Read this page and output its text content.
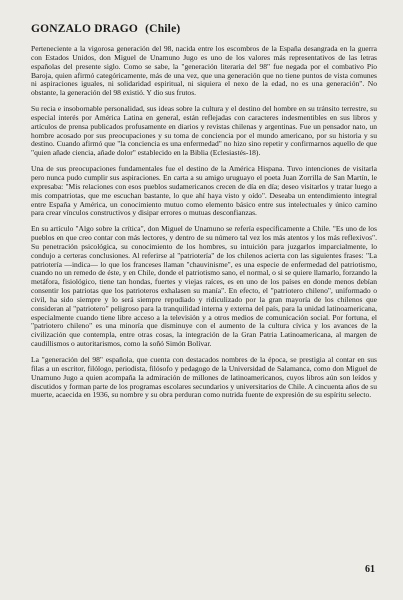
GONZALO DRAGO (Chile)

Perteneciente a la vigorosa generación del 98, nacida entre los escombros de la España desangrada en la guerra con Estados Unidos, don Miguel de Unamuno Jugo es uno de los valores más representativos de las letras españolas del presente siglo. Como se sabe, la "generación literaria del 98" fue negada por el combativo Pío Baroja, quien afirmó categóricamente, más de una vez, que una generación que no tiene puntos de vista comunes ni aspiraciones iguales, ni solidaridad espiritual, ni siquiera el nexo de la edad, no es una generación". No obstante, la generación del 98 existió. Y dio sus frutos.

Su recia e insobornable personalidad, sus ideas sobre la cultura y el destino del hombre en su tránsito terrestre, su especial interés por América Latina en general, están reflejadas con caracteres indesmentibles en sus libros y artículos de prensa publicados profusamente en diarios y revistas chilenas y argentinas. Fue un pensador nato, un hombre acosado por sus preocupaciones y su toma de conciencia por el mundo americano, por su historia y su destino. Cuando afirmó que "la conciencia es una enfermedad" no hizo sino repetir y confirmarnos aquello de que "quien añade ciencia, añade dolor" establecido en la Biblia (Eclesiastés-18).

Una de sus preocupaciones fundamentales fue el destino de la América Hispana. Tuvo intenciones de visitarla pero nunca pudo cumplir sus aspiraciones. En carta a su amigo uruguayo el poeta Juan Zorrilla de San Martín, le expresaba: "Mis relaciones con esos pueblos sudamericanos crecen de día en día; deseo visitarlos y tratar luego a mis compatriotas, que me escuchan bastante, lo que ahí haya visto y oído". Deseaba un entendimiento integral entre España y América, un conocimiento mutuo como elemento básico entre sus intelectuales y único camino para crear vínculos constructivos y disipar errores o mutuas desconfianzas.

En su artículo "Algo sobre la crítica", don Miguel de Unamuno se refería específicamente a Chile. "Es uno de los pueblos en que creo contar con más lectores, y dentro de su número tal vez los más atentos y los más reflexivos". Su penetración psicológica, su conocimiento de los hombres, su intuición para juzgarlos imparcialmente, lo condujo a certeras conclusiones. Al referirse al "patriotería" de los chilenos acierta con las siguientes frases: "La patriotería —indica— lo que los franceses llaman "chauvinisme", es una especie de enfermedad del patriotismo, cuando no un remedo de éste, y en Chile, donde el patriotismo sano, el normal, o si se quiere llamarlo, forzando la metáfora, fisiológico, tiene tan hondas, fuertes y viejas raíces, es en uno de los países en donde menos debían consentir los patriotas que los patrioteros exhalasen su manía". En efecto, el "patriotero chileno", uniformado o civil, ha sido siempre y lo será siempre repudiado y ridiculizado por la gran mayoría de los chilenos que consideran al "patriotero" peligroso para la tranquilidad interna y externa del país, para la unidad latinoamericana, especialmente cuando tiene libre acceso a la televisión y a otros medios de comunicación social. Por fortuna, el "patriotero chileno" es una minoría que disminuye con el aumento de la cultura cívica y los avances de la civilización que contempla, entre otras cosas, la integración de la Gran Patria Latinoamericana, al margen de caudillismos o autoritarismos, como la soñó Simón Bolívar.

La "generación del 98" española, que cuenta con destacados nombres de la época, se prestigia al contar en sus filas a un escritor, filólogo, periodista, filósofo y pedagogo de la Universidad de Salamanca, como don Miguel de Unamuno Jugo a quien acompaña la admiración de millones de latinoamericanos, cuyos libros aún son leídos y discutidos y forman parte de los programas escolares secundarios y universitarios de Chile. A cincuenta años de su muerte, acaecida en 1936, su nombre y su obra perduran como nutrida fuente de expresión de su espíritu selecto.

61
